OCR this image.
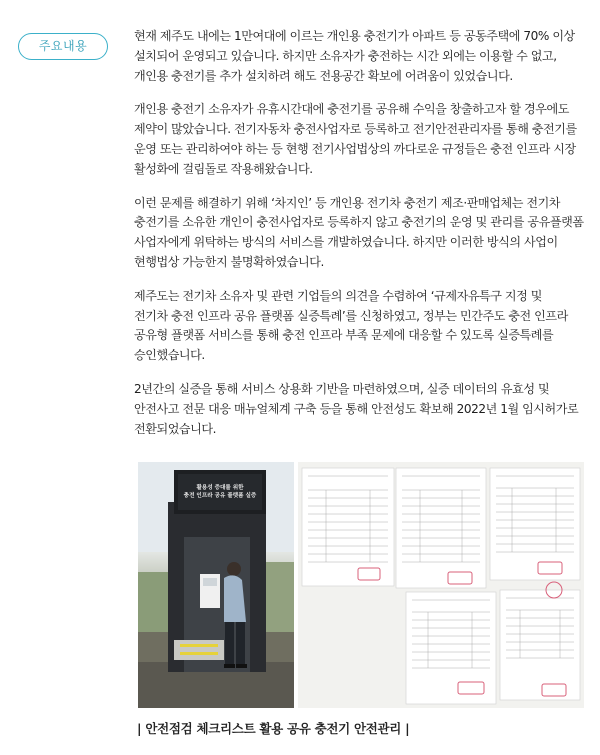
주요내용

현재 제주도 내에는 1만여대에 이르는 개인용 충전기가 아파트 등 공동주택에 70% 이상
설치되어 운영되고 있습니다. 하지만 소유자가 충전하는 시간 외에는 이용할 수 없고,
개인용 충전기를 추가 설치하려 해도 전용공간 확보에 어려움이 있었습니다.

개인용 충전기 소유자가 유휴시간대에 충전기를 공유해 수익을 창출하고자 할 경우에도
제약이 많았습니다. 전기자동차 충전사업자로 등록하고 전기안전관리자를 통해 충전기를
운영 또는 관리하여야 하는 등 현행 전기사업법상의 까다로운 규정들은 충전 인프라 시장
활성화에 걸림돌로 작용해왔습니다.

이런 문제를 해결하기 위해 ‘차지인’ 등 개인용 전기차 충전기 제조·판매업체는 전기차
충전기를 소유한 개인이 충전사업자로 등록하지 않고 충전기의 운영 및 관리를 공유플랫폼
사업자에게 위탁하는 방식의 서비스를 개발하였습니다. 하지만 이러한 방식의 사업이
현행법상 가능한지 불명확하였습니다.

제주도는 전기차 소유자 및 관련 기업들의 의견을 수렴하여 ‘규제자유특구 지정 및
전기차 충전 인프라 공유 플랫폼 실증특례’를 신청하였고, 정부는 민간주도 충전 인프라
공유형 플랫폼 서비스를 통해 충전 인프라 부족 문제에 대응할 수 있도록 실증특례를
승인했습니다.

2년간의 실증을 통해 서비스 상용화 기반을 마련하였으며, 실증 데이터의 유효성 및
안전사고 전문 대응 매뉴얼체계 구축 등을 통해 안전성도 확보해 2022년 1월 임시허가로
전환되었습니다.

활용성 증대를 위한
충전 인프라 공유 플랫폼 실증
| 안전점검 체크리스트 활용 공유 충전기 안전관리 |
